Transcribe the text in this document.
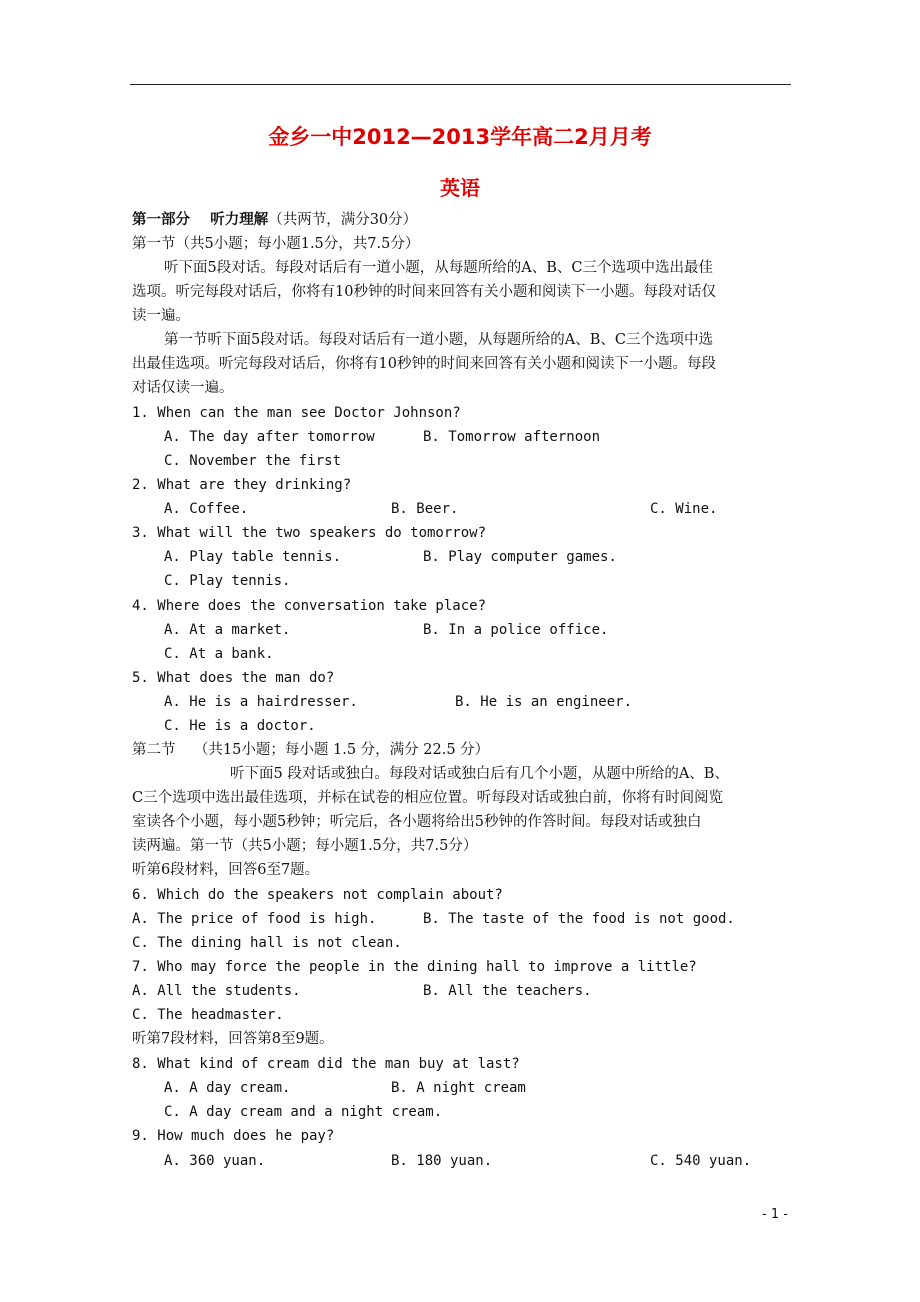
金乡一中2012—2013学年高二2月月考
英语
第一部分    听力理解（共两节，满分30分）
第一节（共5小题；每小题1.5分，共7.5分）
听下面5段对话。每段对话后有一道小题，从每题所给的A、B、C三个选项中选出最佳
选项。听完每段对话后，你将有10秒钟的时间来回答有关小题和阅读下一小题。每段对话仅
读一遍。
第一节听下面5段对话。每段对话后有一道小题，从每题所给的A、B、C三个选项中选
出最佳选项。听完每段对话后，你将有10秒钟的时间来回答有关小题和阅读下一小题。每段
对话仅读一遍。
1. When can the man see Doctor Johnson?
A. The day after tomorrow	B. Tomorrow afternoon
C. November the first
2. What are they drinking?
A. Coffee.	B. Beer.	C. Wine.
3. What will the two speakers do tomorrow?
A. Play table tennis.	B. Play computer games.
C. Play tennis.
4. Where does the conversation take place?
A. At a market.	B. In a police office.
C. At a bank.
5. What does the man do?
A. He is a hairdresser.	B. He is an engineer.
C. He is a doctor.
第二节    （共15小题；每小题 1.5 分，满分 22.5 分）
听下面5 段对话或独白。每段对话或独白后有几个小题，从题中所给的A、B、
C三个选项中选出最佳选项，并标在试卷的相应位置。听每段对话或独白前，你将有时间阅览
室读各个小题，每小题5秒钟；听完后，各小题将给出5秒钟的作答时间。每段对话或独白
读两遍。第一节（共5小题；每小题1.5分，共7.5分）
听第6段材料，回答6至7题。
6. Which do the speakers not complain about?
A. The price of food is high.	B. The taste of the food is not good.
C. The dining hall is not clean.
7. Who may force the people in the dining hall to improve a little?
A. All the students.	B. All the teachers.
C. The headmaster.
听第7段材料，回答第8至9题。
8. What kind of cream did the man buy at last?
A. A day cream.	B. A night cream
C. A day cream and a night cream.
9. How much does he pay?
A. 360 yuan.	B. 180 yuan.	C. 540 yuan.
- 1 -
